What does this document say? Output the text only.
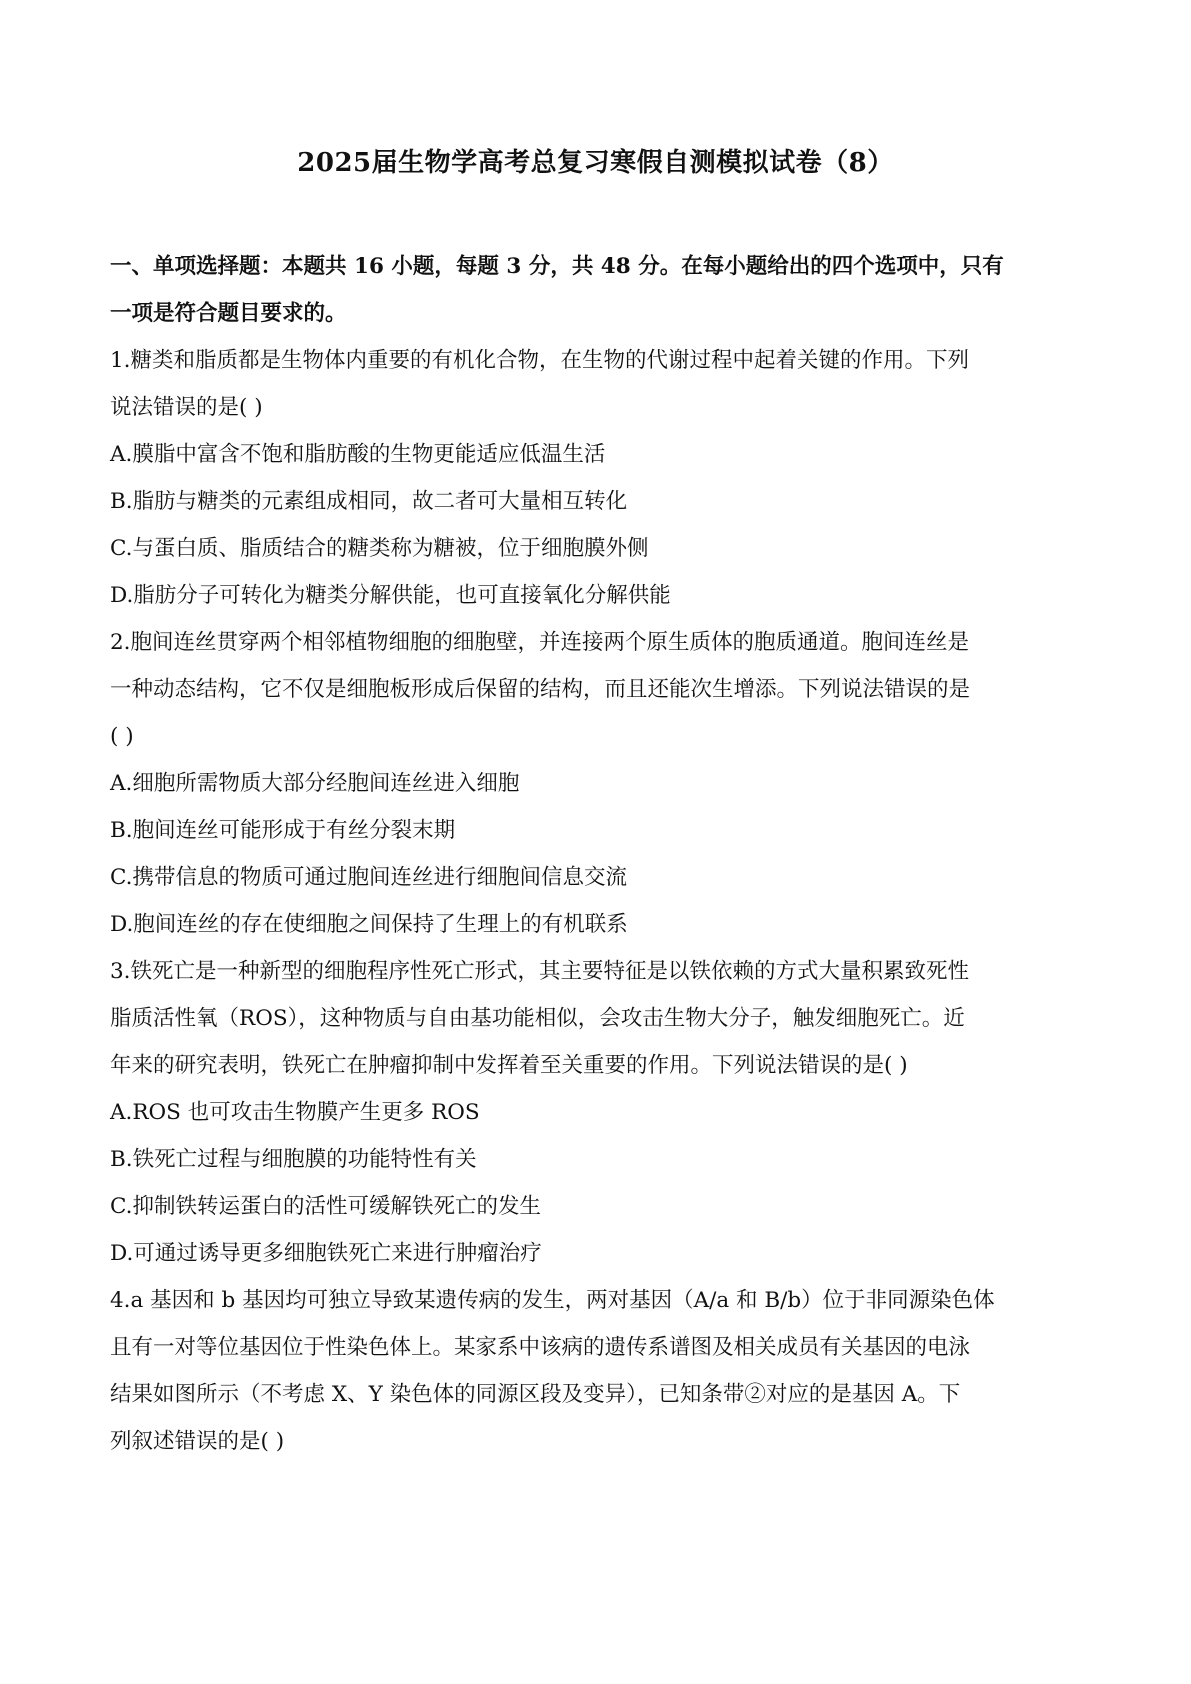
2025届生物学高考总复习寒假自测模拟试卷（8）
一、单项选择题：本题共 16 小题，每题 3 分，共 48 分。在每小题给出的四个选项中，只有
一项是符合题目要求的。
1.糖类和脂质都是生物体内重要的有机化合物，在生物的代谢过程中起着关键的作用。下列
说法错误的是( )
A.膜脂中富含不饱和脂肪酸的生物更能适应低温生活
B.脂肪与糖类的元素组成相同，故二者可大量相互转化
C.与蛋白质、脂质结合的糖类称为糖被，位于细胞膜外侧
D.脂肪分子可转化为糖类分解供能，也可直接氧化分解供能
2.胞间连丝贯穿两个相邻植物细胞的细胞壁，并连接两个原生质体的胞质通道。胞间连丝是
一种动态结构，它不仅是细胞板形成后保留的结构，而且还能次生增添。下列说法错误的是
( )
A.细胞所需物质大部分经胞间连丝进入细胞
B.胞间连丝可能形成于有丝分裂末期
C.携带信息的物质可通过胞间连丝进行细胞间信息交流
D.胞间连丝的存在使细胞之间保持了生理上的有机联系
3.铁死亡是一种新型的细胞程序性死亡形式，其主要特征是以铁依赖的方式大量积累致死性
脂质活性氧（ROS），这种物质与自由基功能相似，会攻击生物大分子，触发细胞死亡。近
年来的研究表明，铁死亡在肿瘤抑制中发挥着至关重要的作用。下列说法错误的是( )
A.ROS 也可攻击生物膜产生更多 ROS
B.铁死亡过程与细胞膜的功能特性有关
C.抑制铁转运蛋白的活性可缓解铁死亡的发生
D.可通过诱导更多细胞铁死亡来进行肿瘤治疗
4.a 基因和 b 基因均可独立导致某遗传病的发生，两对基因（A/a 和 B/b）位于非同源染色体
且有一对等位基因位于性染色体上。某家系中该病的遗传系谱图及相关成员有关基因的电泳
结果如图所示（不考虑 X、Y 染色体的同源区段及变异），已知条带②对应的是基因 A。下
列叙述错误的是( )
